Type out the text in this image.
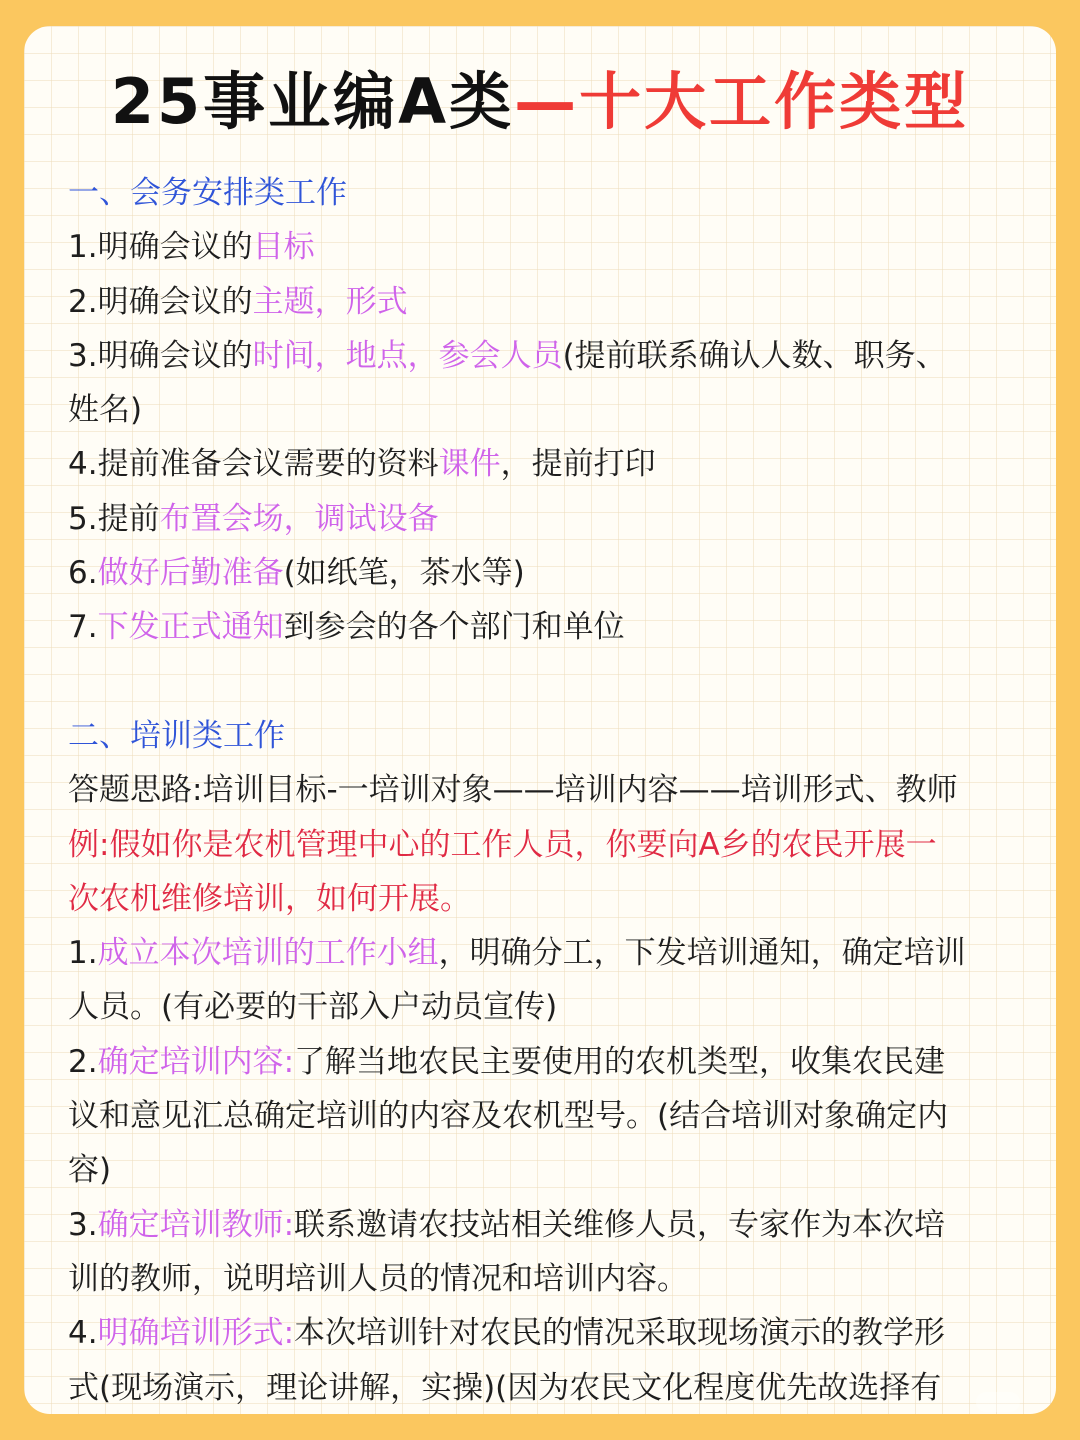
25事业编A类—十大工作类型
一、会务安排类工作
1.明确会议的目标
2.明确会议的主题，形式
3.明确会议的时间，地点，参会人员(提前联系确认人数、职务、
姓名)
4.提前准备会议需要的资料课件，提前打印
5.提前布置会场，调试设备
6.做好后勤准备(如纸笔，茶水等)
7.下发正式通知到参会的各个部门和单位
二、培训类工作
答题思路:培训目标-一培训对象——培训内容——培训形式、教师
例:假如你是农机管理中心的工作人员，你要向A乡的农民开展一
次农机维修培训，如何开展。
1.成立本次培训的工作小组，明确分工，下发培训通知，确定培训
人员。(有必要的干部入户动员宣传)
2.确定培训内容:了解当地农民主要使用的农机类型，收集农民建
议和意见汇总确定培训的内容及农机型号。(结合培训对象确定内
容)
3.确定培训教师:联系邀请农技站相关维修人员，专家作为本次培
训的教师，说明培训人员的情况和培训内容。
4.明确培训形式:本次培训针对农民的情况采取现场演示的教学形
式(现场演示，理论讲解，实操)(因为农民文化程度优先故选择有
